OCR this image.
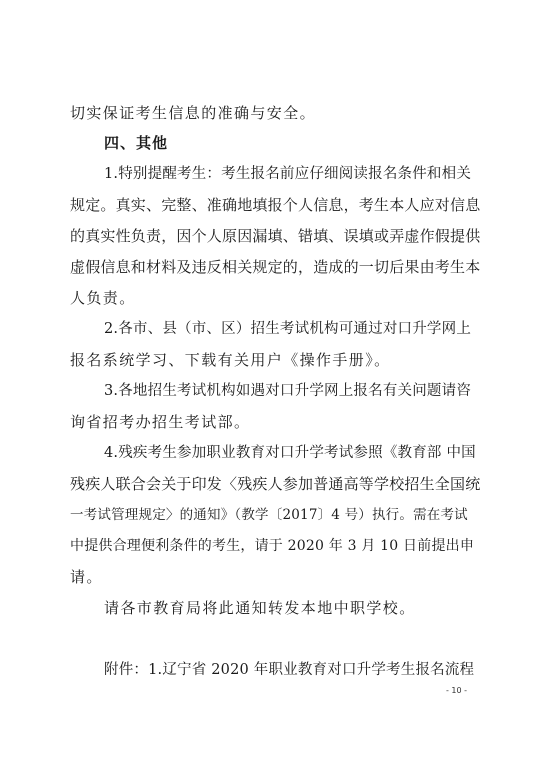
切实保证考生信息的准确与安全。
四、其他
1.特别提醒考生：考生报名前应仔细阅读报名条件和相关
规定。真实、完整、准确地填报个人信息，考生本人应对信息
的真实性负责，因个人原因漏填、错填、误填或弄虚作假提供
虚假信息和材料及违反相关规定的，造成的一切后果由考生本
人负责。
2.各市、县（市、区）招生考试机构可通过对口升学网上
报名系统学习、下载有关用户《操作手册》。
3.各地招生考试机构如遇对口升学网上报名有关问题请咨
询省招考办招生考试部。
4.残疾考生参加职业教育对口升学考试参照《教育部 中国
残疾人联合会关于印发〈残疾人参加普通高等学校招生全国统
一考试管理规定〉的通知》（教学〔2017〕4 号）执行。需在考试
中提供合理便利条件的考生，请于 2020 年 3 月 10 日前提出申
请。
请各市教育局将此通知转发本地中职学校。
附件：1.辽宁省 2020 年职业教育对口升学考生报名流程
- 10 -
